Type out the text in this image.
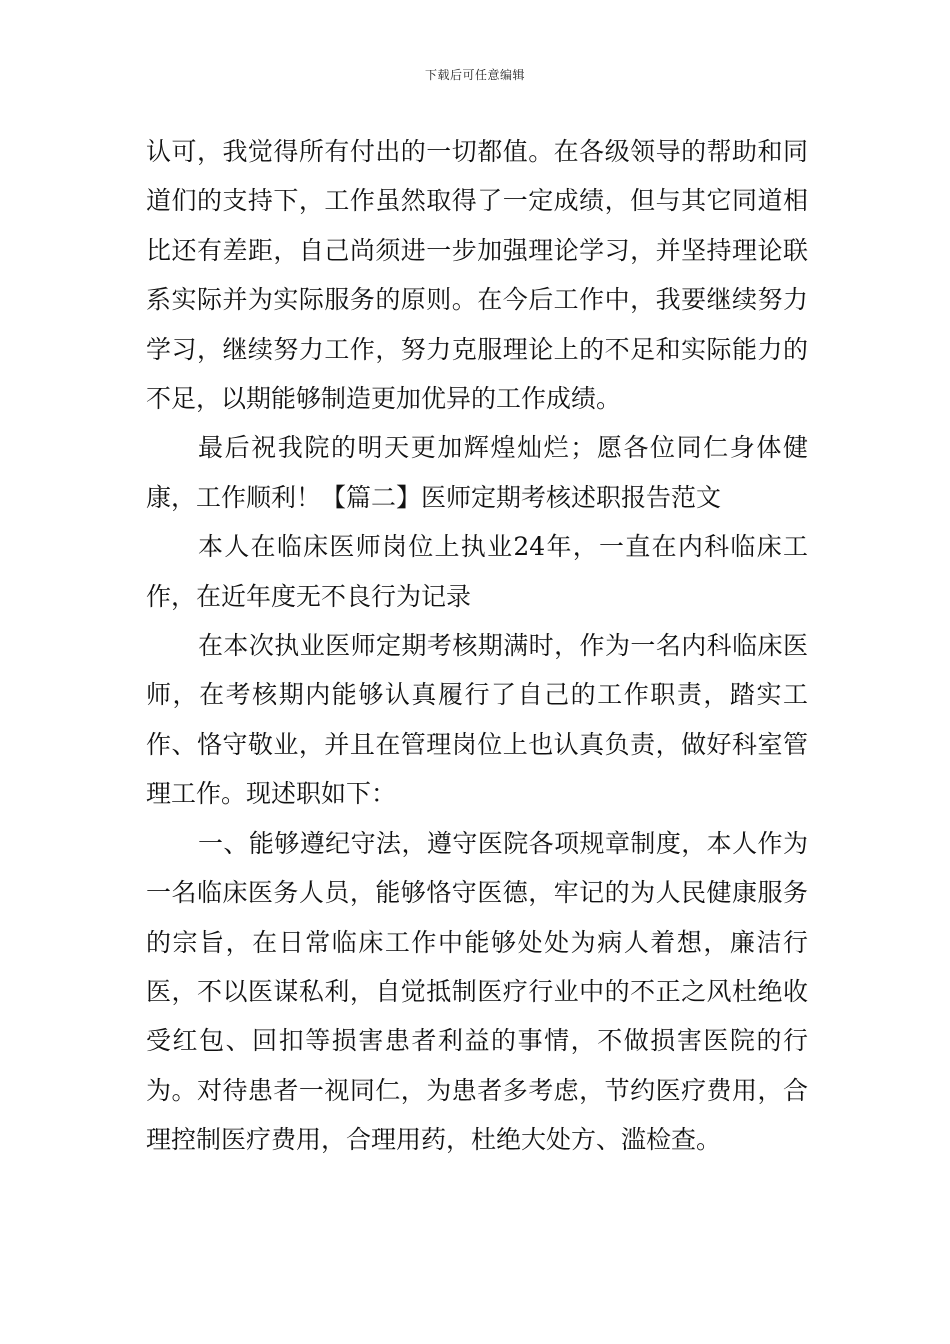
下载后可任意编辑

认可，我觉得所有付出的一切都值。在各级领导的帮助和同道们的支持下，工作虽然取得了一定成绩，但与其它同道相比还有差距，自己尚须进一步加强理论学习，并坚持理论联系实际并为实际服务的原则。在今后工作中，我要继续努力学习，继续努力工作，努力克服理论上的不足和实际能力的不足，以期能够制造更加优异的工作成绩。

最后祝我院的明天更加辉煌灿烂；愿各位同仁身体健康，工作顺利！【篇二】医师定期考核述职报告范文

本人在临床医师岗位上执业24年，一直在内科临床工作，在近年度无不良行为记录

在本次执业医师定期考核期满时，作为一名内科临床医师，在考核期内能够认真履行了自己的工作职责，踏实工作、恪守敬业，并且在管理岗位上也认真负责，做好科室管理工作。现述职如下：

一、能够遵纪守法，遵守医院各项规章制度，本人作为一名临床医务人员，能够恪守医德，牢记的为人民健康服务的宗旨，在日常临床工作中能够处处为病人着想，廉洁行医，不以医谋私利，自觉抵制医疗行业中的不正之风杜绝收受红包、回扣等损害患者利益的事情，不做损害医院的行为。对待患者一视同仁，为患者多考虑，节约医疗费用，合理控制医疗费用，合理用药，杜绝大处方、滥检查。
